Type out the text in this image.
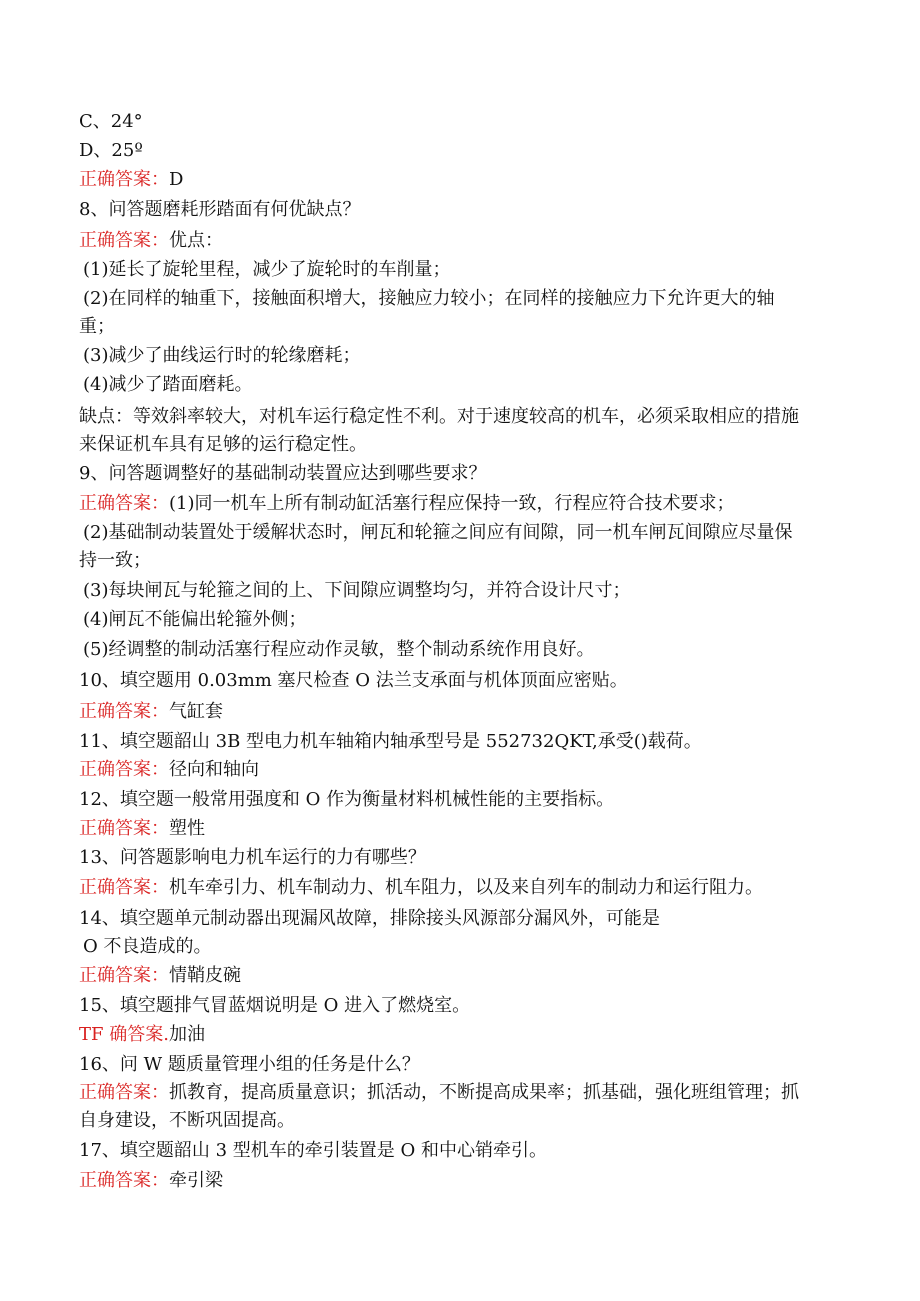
C、24°
D、25º
正确答案：D
8、问答题磨耗形踏面有何优缺点？
正确答案：优点：
(1)延长了旋轮里程，减少了旋轮时的车削量；
(2)在同样的轴重下，接触面积增大，接触应力较小；在同样的接触应力下允许更大的轴
重；
(3)减少了曲线运行时的轮缘磨耗；
(4)减少了踏面磨耗。
缺点：等效斜率较大，对机车运行稳定性不利。对于速度较高的机车，必须采取相应的措施
来保证机车具有足够的运行稳定性。
9、问答题调整好的基础制动装置应达到哪些要求？
正确答案：(1)同一机车上所有制动缸活塞行程应保持一致，行程应符合技术要求；
(2)基础制动装置处于缓解状态时，闸瓦和轮箍之间应有间隙，同一机车闸瓦间隙应尽量保
持一致；
(3)每块闸瓦与轮箍之间的上、下间隙应调整均匀，并符合设计尺寸；
(4)闸瓦不能偏出轮箍外侧；
(5)经调整的制动活塞行程应动作灵敏，整个制动系统作用良好。
10、填空题用 0.03mm 塞尺检查 O 法兰支承面与机体顶面应密贴。
正确答案：气缸套
11、填空题韶山 3B 型电力机车轴箱内轴承型号是 552732QKT,承受()载荷。
正确答案：径向和轴向
12、填空题一般常用强度和 O 作为衡量材料机械性能的主要指标。
正确答案：塑性
13、问答题影响电力机车运行的力有哪些？
正确答案：机车牵引力、机车制动力、机车阻力，以及来自列车的制动力和运行阻力。
14、填空题单元制动器出现漏风故障，排除接头风源部分漏风外，可能是
O 不良造成的。
正确答案：情鞘皮碗
15、填空题排气冒蓝烟说明是 O 进入了燃烧室。
TF 确答案.加油
16、问 W 题质量管理小组的任务是什么？
正确答案：抓教育，提高质量意识；抓活动，不断提高成果率；抓基础，强化班组管理；抓
自身建设，不断巩固提高。
17、填空题韶山 3 型机车的牵引装置是 O 和中心销牵引。
正确答案：牵引梁
